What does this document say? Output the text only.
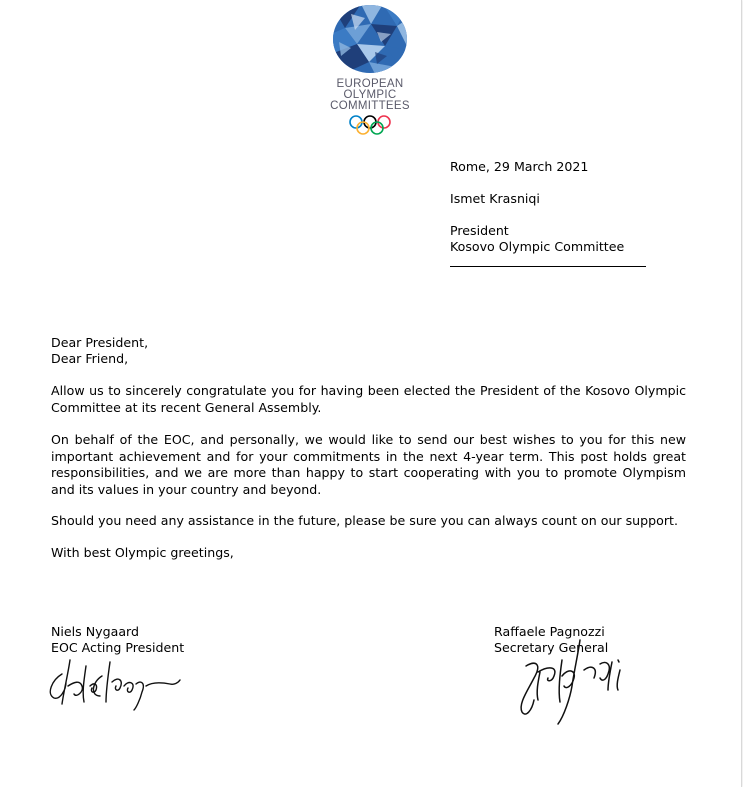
EUROPEAN
OLYMPIC
COMMITTEES
Rome, 29 March 2021
Ismet Krasniqi
President
Kosovo Olympic Committee
Dear President,
Dear Friend,
Allow us to sincerely congratulate you for having been elected the President of the Kosovo Olympic Committee at its recent General Assembly.
On behalf of the EOC, and personally, we would like to send our best wishes to you for this new important achievement and for your commitments in the next 4-year term. This post holds great responsibilities, and we are more than happy to start cooperating with you to promote Olympism and its values in your country and beyond.
Should you need any assistance in the future, please be sure you can always count on our support.
With best Olympic greetings,
Niels Nygaard
EOC Acting President
Raffaele Pagnozzi
Secretary General
